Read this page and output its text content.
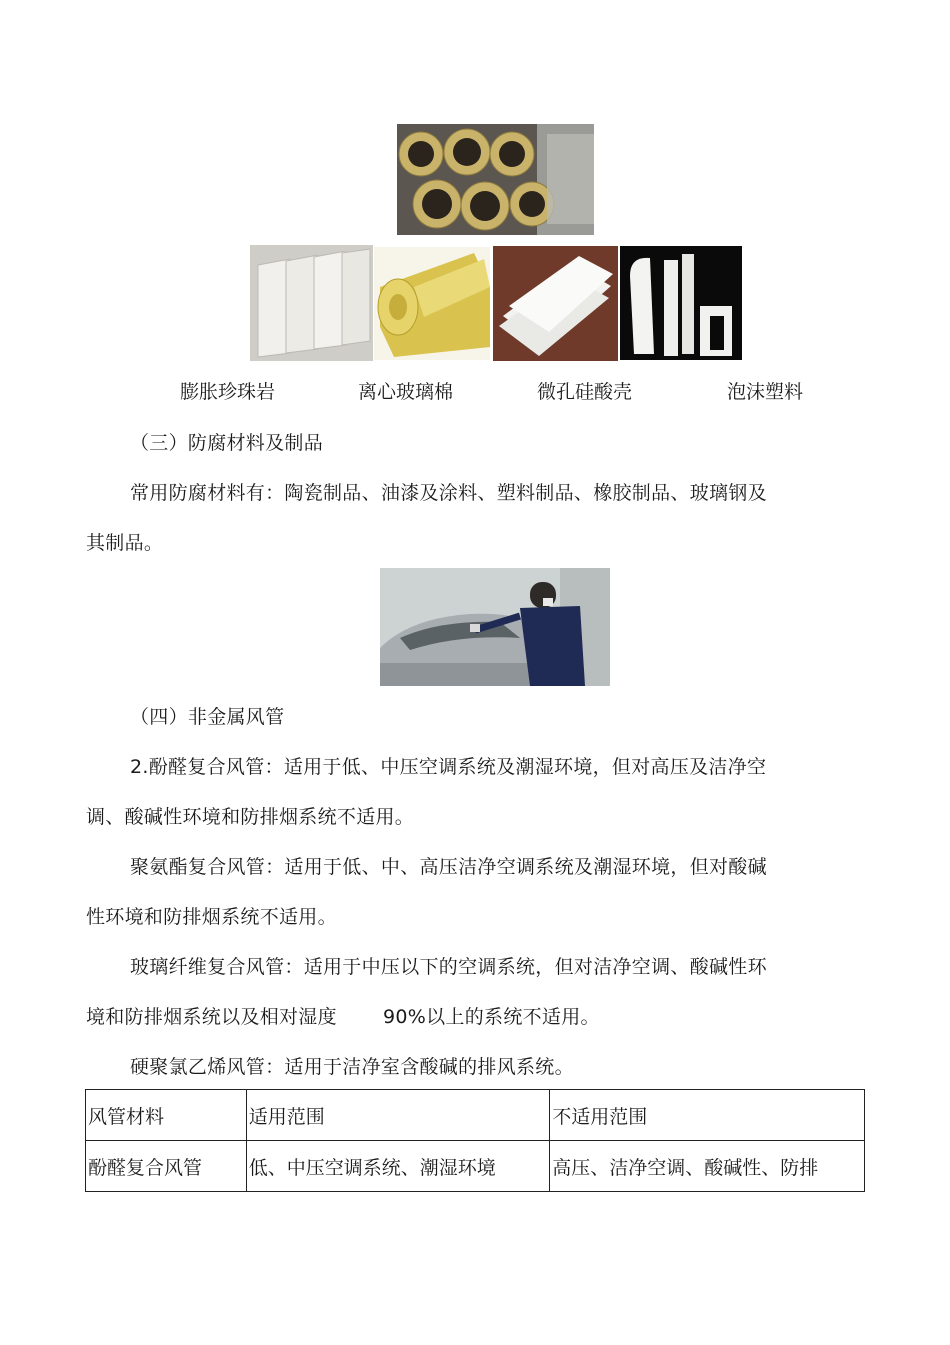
膨胀珍珠岩	离心玻璃棉	微孔硅酸壳	泡沫塑料
（三）防腐材料及制品
常用防腐材料有：陶瓷制品、油漆及涂料、塑料制品、橡胶制品、玻璃钢及
其制品。
（四）非金属风管
2.酚醛复合风管：适用于低、中压空调系统及潮湿环境，但对高压及洁净空
调、酸碱性环境和防排烟系统不适用。
聚氨酯复合风管：适用于低、中、高压洁净空调系统及潮湿环境，但对酸碱
性环境和防排烟系统不适用。
玻璃纤维复合风管：适用于中压以下的空调系统，但对洁净空调、酸碱性环
境和防排烟系统以及相对湿度 90%以上的系统不适用。
硬聚氯乙烯风管：适用于洁净室含酸碱的排风系统。
风管材料	适用范围	不适用范围
酚醛复合风管	低、中压空调系统、潮湿环境	高压、洁净空调、酸碱性、防排
